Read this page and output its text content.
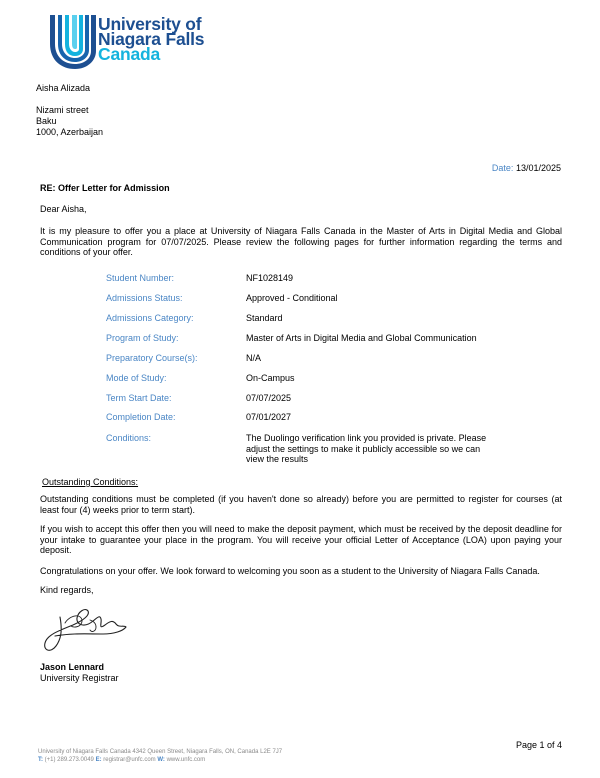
University of
Niagara Falls
Canada
Aisha Alizada
Nizami street
Baku
1000, Azerbaijan
Date: 13/01/2025
RE: Offer Letter for Admission
Dear Aisha,
It is my pleasure to offer you a place at University of Niagara Falls Canada in the Master of Arts in Digital Media and Global Communication program for 07/07/2025. Please review the following pages for further information regarding the terms and conditions of your offer.
Student Number:	NF1028149
Admissions Status:	Approved - Conditional
Admissions Category:	Standard
Program of Study:	Master of Arts in Digital Media and Global Communication
Preparatory Course(s):	N/A
Mode of Study:	On-Campus
Term Start Date:	07/07/2025
Completion Date:	07/01/2027
Conditions:	The Duolingo verification link you provided is private. Please adjust the settings to make it publicly accessible so we can view the results
Outstanding Conditions:
Outstanding conditions must be completed (if you haven't done so already) before you are permitted to register for courses (at least four (4) weeks prior to term start).
If you wish to accept this offer then you will need to make the deposit payment, which must be received by the deposit deadline for your intake to guarantee your place in the program. You will receive your official Letter of Acceptance (LOA) upon paying your deposit.
Congratulations on your offer. We look forward to welcoming you soon as a student to the University of Niagara Falls Canada.
Kind regards,
Jason Lennard
University Registrar
Page 1 of 4
University of Niagara Falls Canada 4342 Queen Street, Niagara Falls, ON, Canada L2E 7J7
T: (+1) 289.273.0049 E: registrar@unfc.com W: www.unfc.com
